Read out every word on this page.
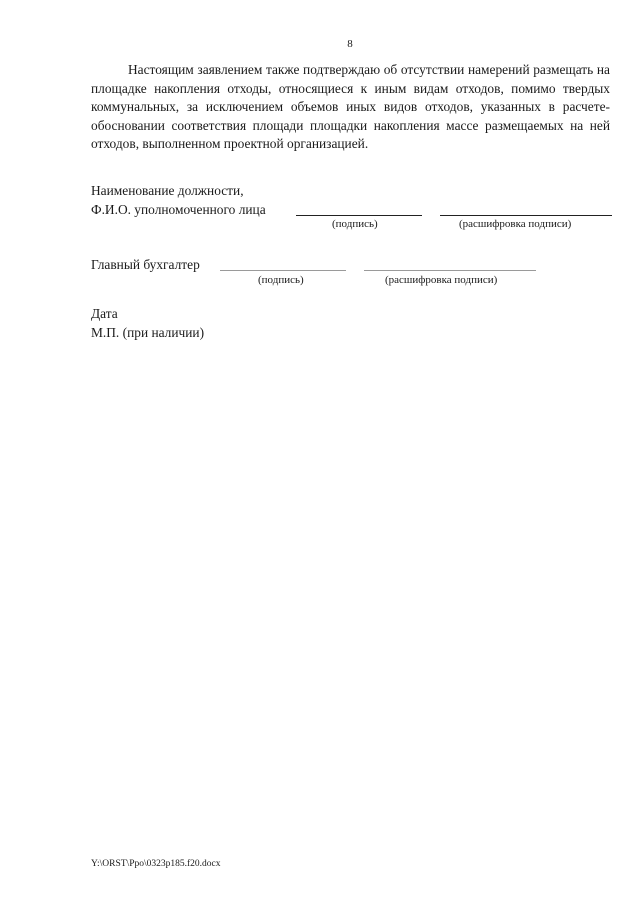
8

Настоящим заявлением также подтверждаю об отсутствии намерений размещать на площадке накопления отходы, относящиеся к иным видам отходов, помимо твердых коммунальных, за исключением объемов иных видов отходов, указанных в расчете-обосновании соответствия площади площадки накопления массе размещаемых на ней отходов, выполненном проектной организацией.

Наименование должности,
Ф.И.О. уполномоченного лица
(подпись)	(расшифровка подписи)
Главный бухгалтер
(подпись)	(расшифровка подписи)
Дата
М.П. (при наличии)
Y:\ORST\Ppo\0323p185.f20.docx
